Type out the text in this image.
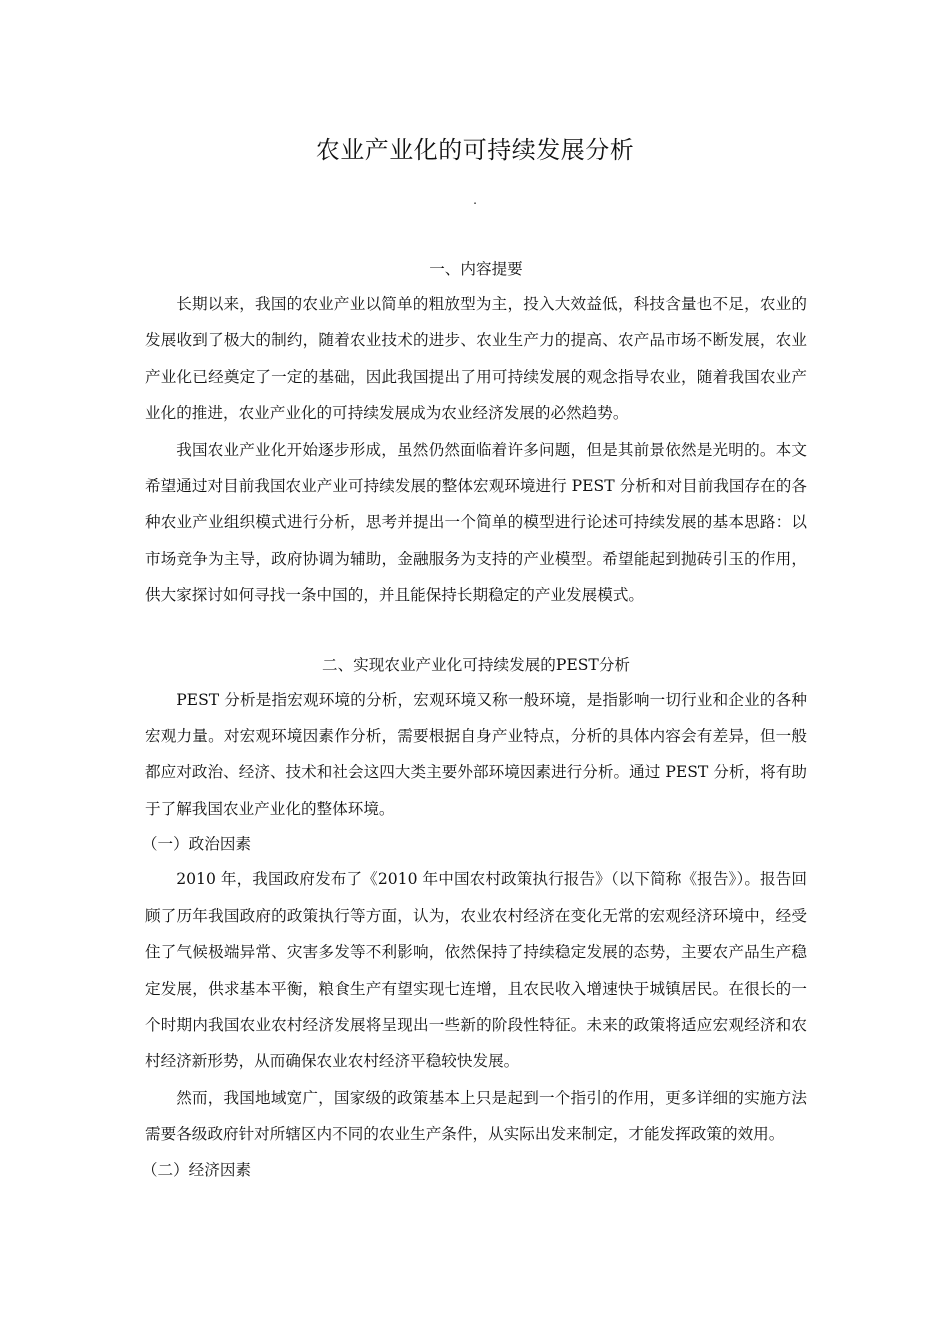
农业产业化的可持续发展分析
.

一、内容提要

长期以来，我国的农业产业以简单的粗放型为主，投入大效益低，科技含量也不足，农业的发展收到了极大的制约，随着农业技术的进步、农业生产力的提高、农产品市场不断发展，农业产业化已经奠定了一定的基础，因此我国提出了用可持续发展的观念指导农业，随着我国农业产业化的推进，农业产业化的可持续发展成为农业经济发展的必然趋势。

我国农业产业化开始逐步形成，虽然仍然面临着许多问题，但是其前景依然是光明的。本文希望通过对目前我国农业产业可持续发展的整体宏观环境进行 PEST 分析和对目前我国存在的各种农业产业组织模式进行分析，思考并提出一个简单的模型进行论述可持续发展的基本思路：以市场竞争为主导，政府协调为辅助，金融服务为支持的产业模型。希望能起到抛砖引玉的作用，供大家探讨如何寻找一条中国的，并且能保持长期稳定的产业发展模式。

二、实现农业产业化可持续发展的PEST分析

PEST 分析是指宏观环境的分析，宏观环境又称一般环境，是指影响一切行业和企业的各种宏观力量。对宏观环境因素作分析，需要根据自身产业特点，分析的具体内容会有差异，但一般都应对政治、经济、技术和社会这四大类主要外部环境因素进行分析。通过 PEST 分析，将有助于了解我国农业产业化的整体环境。

（一）政治因素

2010 年，我国政府发布了《2010 年中国农村政策执行报告》（以下简称《报告》）。报告回顾了历年我国政府的政策执行等方面，认为，农业农村经济在变化无常的宏观经济环境中，经受住了气候极端异常、灾害多发等不利影响，依然保持了持续稳定发展的态势，主要农产品生产稳定发展，供求基本平衡，粮食生产有望实现七连增，且农民收入增速快于城镇居民。在很长的一个时期内我国农业农村经济发展将呈现出一些新的阶段性特征。未来的政策将适应宏观经济和农村经济新形势，从而确保农业农村经济平稳较快发展。

然而，我国地域宽广，国家级的政策基本上只是起到一个指引的作用，更多详细的实施方法需要各级政府针对所辖区内不同的农业生产条件，从实际出发来制定，才能发挥政策的效用。

（二）经济因素
